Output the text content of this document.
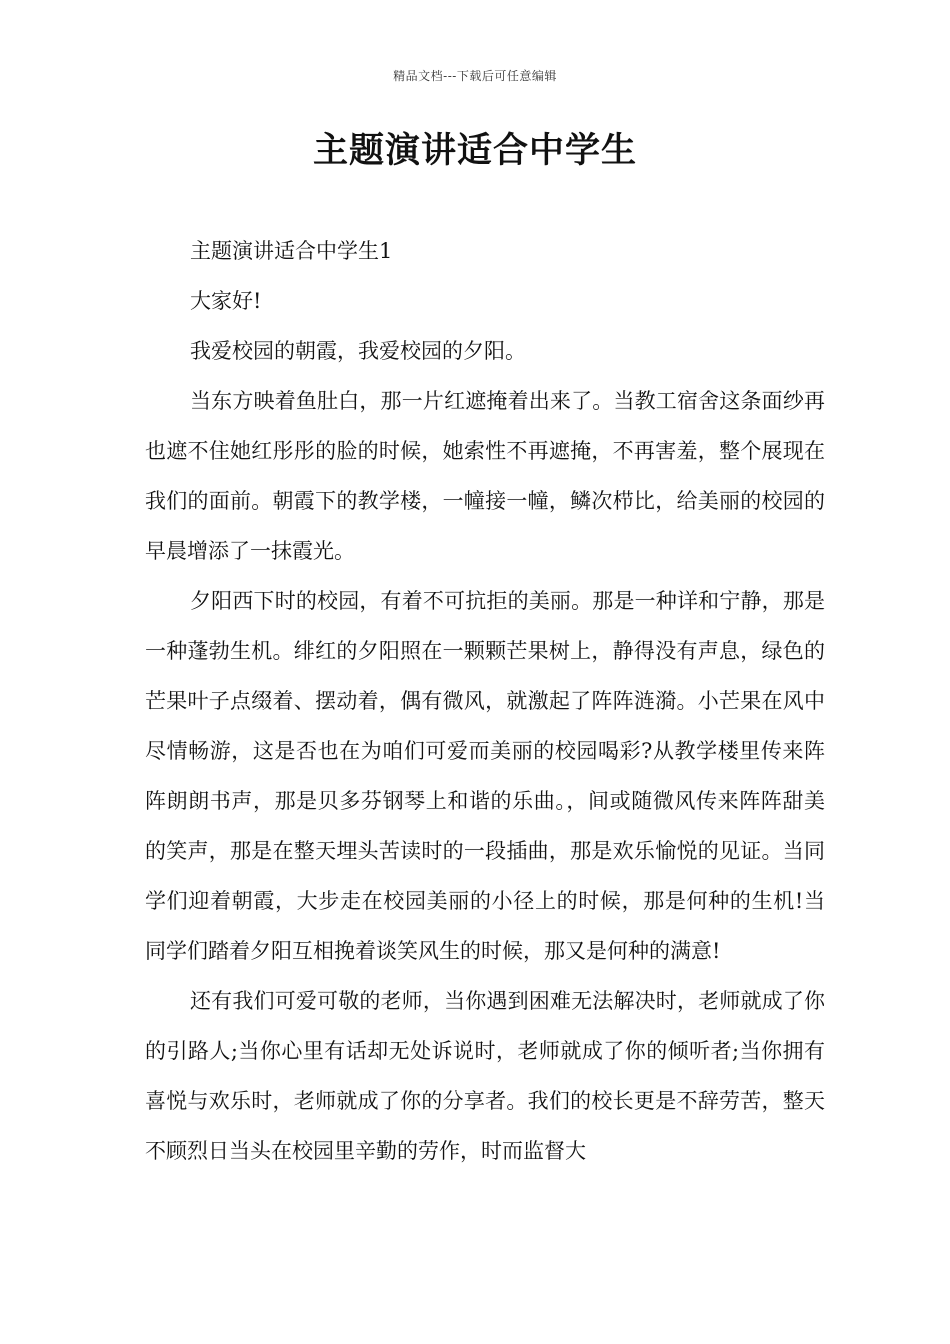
精品文档---下载后可任意编辑
主题演讲适合中学生

主题演讲适合中学生1

大家好!

我爱校园的朝霞，我爱校园的夕阳。

当东方映着鱼肚白，那一片红遮掩着出来了。当教工宿舍这条面纱再也遮不住她红彤彤的脸的时候，她索性不再遮掩，不再害羞，整个展现在我们的面前。朝霞下的教学楼，一幢接一幢，鳞次栉比，给美丽的校园的早晨增添了一抹霞光。

夕阳西下时的校园，有着不可抗拒的美丽。那是一种详和宁静，那是一种蓬勃生机。绯红的夕阳照在一颗颗芒果树上，静得没有声息，绿色的芒果叶子点缀着、摆动着，偶有微风，就激起了阵阵涟漪。小芒果在风中尽情畅游，这是否也在为咱们可爱而美丽的校园喝彩?从教学楼里传来阵阵朗朗书声，那是贝多芬钢琴上和谐的乐曲。，间或随微风传来阵阵甜美的笑声，那是在整天埋头苦读时的一段插曲，那是欢乐愉悦的见证。当同学们迎着朝霞，大步走在校园美丽的小径上的时候，那是何种的生机!当同学们踏着夕阳互相挽着谈笑风生的时候，那又是何种的满意!

还有我们可爱可敬的老师，当你遇到困难无法解决时，老师就成了你的引路人;当你心里有话却无处诉说时，老师就成了你的倾听者;当你拥有喜悦与欢乐时，老师就成了你的分享者。我们的校长更是不辞劳苦，整天不顾烈日当头在校园里辛勤的劳作，时而监督大
